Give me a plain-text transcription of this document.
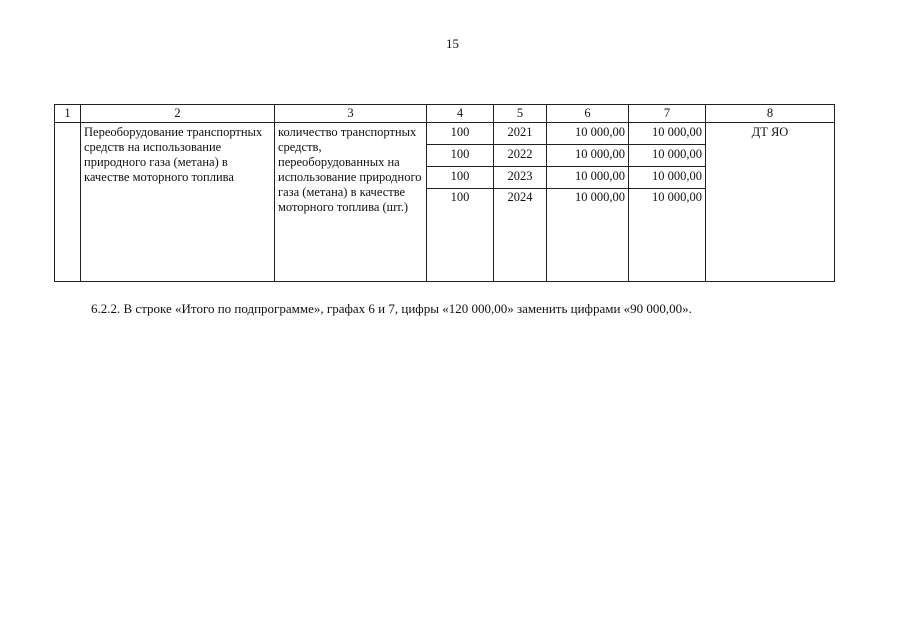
15
1	2	3	4	5	6	7	8
	Переоборудование транспортных средств на использование природного газа (метана) в качестве моторного топлива	количество транспортных средств, переоборудованных на использование природного газа (метана) в качестве моторного топлива (шт.)	100	2021	10 000,00	10 000,00	ДТ ЯО
			100	2022	10 000,00	10 000,00	
			100	2023	10 000,00	10 000,00	
			100	2024	10 000,00	10 000,00	

6.2.2. В строке «Итого по подпрограмме», графах 6 и 7, цифры «120 000,00» заменить цифрами «90 000,00».
